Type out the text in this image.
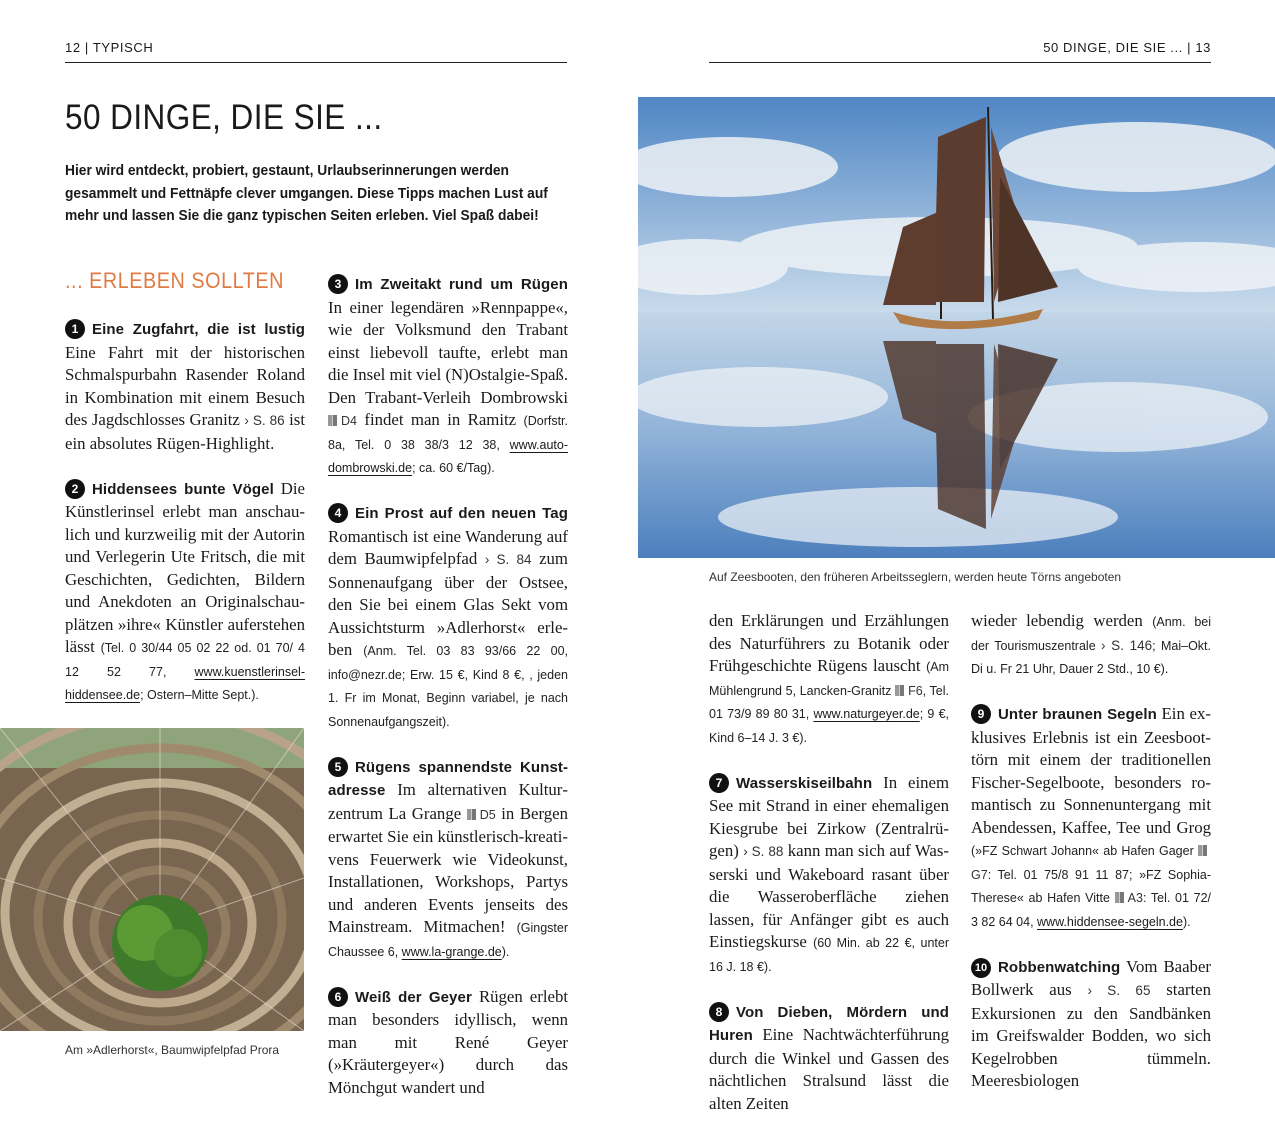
12 | TYPISCH	50 DINGE, DIE SIE ... | 13
50 DINGE, DIE SIE ...
Hier wird entdeckt, probiert, gestaunt, Urlaubserinnerungen werden gesammelt und Fettnäpfe clever umgangen. Diese Tipps machen Lust auf mehr und lassen Sie die ganz typischen Seiten erleben. Viel Spaß dabei!
... ERLEBEN SOLLTEN

1 Eine Zugfahrt, die ist lustig Eine Fahrt mit der historischen Schmalspurbahn Rasender Roland in Kombination mit einem Besuch des Jagdschlosses Granitz › S. 86 ist ein absolutes Rügen-Highlight.

2 Hiddensees bunte Vögel Die Künstlerinsel erlebt man anschaulich und kurzweilig mit der Autorin und Verlegerin Ute Fritsch, die mit Geschichten, Gedichten, Bildern und Anekdoten an Originalschauplätzen »ihre« Künstler auferstehen lässt (Tel. 0 30/44 05 02 22 od. 01 70/ 4 12 52 77, www.kuenstlerinsel-hiddensee.de; Ostern–Mitte Sept.).

3 Im Zweitakt rund um Rügen In einer legendären »Rennpappe«, wie der Volksmund den Trabant einst liebevoll taufte, erlebt man die Insel mit viel (N)Ostalgie-Spaß. Den Trabant-Verleih Dombrowski D4 findet man in Ramitz (Dorfstr. 8a, Tel. 0 38 38/3 12 38, www.auto-dombrowski.de; ca. 60 €/Tag).

4 Ein Prost auf den neuen Tag Romantisch ist eine Wanderung auf dem Baumwipfelpfad › S. 84 zum Sonnenaufgang über der Ostsee, den Sie bei einem Glas Sekt vom Aussichtsturm »Adlerhorst« erleben (Anm. Tel. 03 83 93/66 22 00, info@nezr.de; Erw. 15 €, Kind 8 €, , jeden 1. Fr im Monat, Beginn variabel, je nach Sonnenaufgangszeit).

5 Rügens spannendste Kunstadresse Im alternativen Kulturzentrum La Grange D5 in Bergen erwartet Sie ein künstlerisch-kreativens Feuerwerk wie Videokunst, Installationen, Workshops, Partys und anderen Events jenseits des Mainstream. Mitmachen! (Gingster Chaussee 6, www.la-grange.de).

6 Weiß der Geyer Rügen erlebt man besonders idyllisch, wenn man mit René Geyer (»Kräutergeyer«) durch das Mönchgut wandert und

den Erklärungen und Erzählungen des Naturführers zu Botanik oder Frühgeschichte Rügens lauscht (Am Mühlengrund 5, Lancken-Granitz F6, Tel. 01 73/9 89 80 31, www.naturgeyer.de; 9 €, Kind 6–14 J. 3 €).

7 Wasserskiseilbahn In einem See mit Strand in einer ehemaligen Kiesgrube bei Zirkow (Zentralrügen) › S. 88 kann man sich auf Wasserski und Wakeboard rasant über die Wasseroberfläche ziehen lassen, für Anfänger gibt es auch Einstiegskurse (60 Min. ab 22 €, unter 16 J. 18 €).

8 Von Dieben, Mördern und Huren Eine Nachtwächterführung durch die Winkel und Gassen des nächtlichen Stralsund lässt die alten Zeiten

wieder lebendig werden (Anm. bei der Tourismuszentrale › S. 146; Mai–Okt. Di u. Fr 21 Uhr, Dauer 2 Std., 10 €).

9 Unter braunen Segeln Ein exklusives Erlebnis ist ein Zeesboottörn mit einem der traditionellen Fischer-Segelboote, besonders romantisch zu Sonnenuntergang mit Abendessen, Kaffee, Tee und Grog (»FZ Schwart Johann« ab Hafen Gager G7: Tel. 01 75/8 91 11 87; »FZ Sophia-Therese« ab Hafen Vitte A3: Tel. 01 72/ 3 82 64 04, www.hiddensee-segeln.de).

10 Robbenwatching Vom Baaber Bollwerk aus › S. 65 starten Exkursionen zu den Sandbänken im Greifswalder Bodden, wo sich Kegelrobben tümmeln. Meeresbiologen

Am »Adlerhorst«, Baumwipfelpfad Prora
Auf Zeesbooten, den früheren Arbeitsseglern, werden heute Törns angeboten
